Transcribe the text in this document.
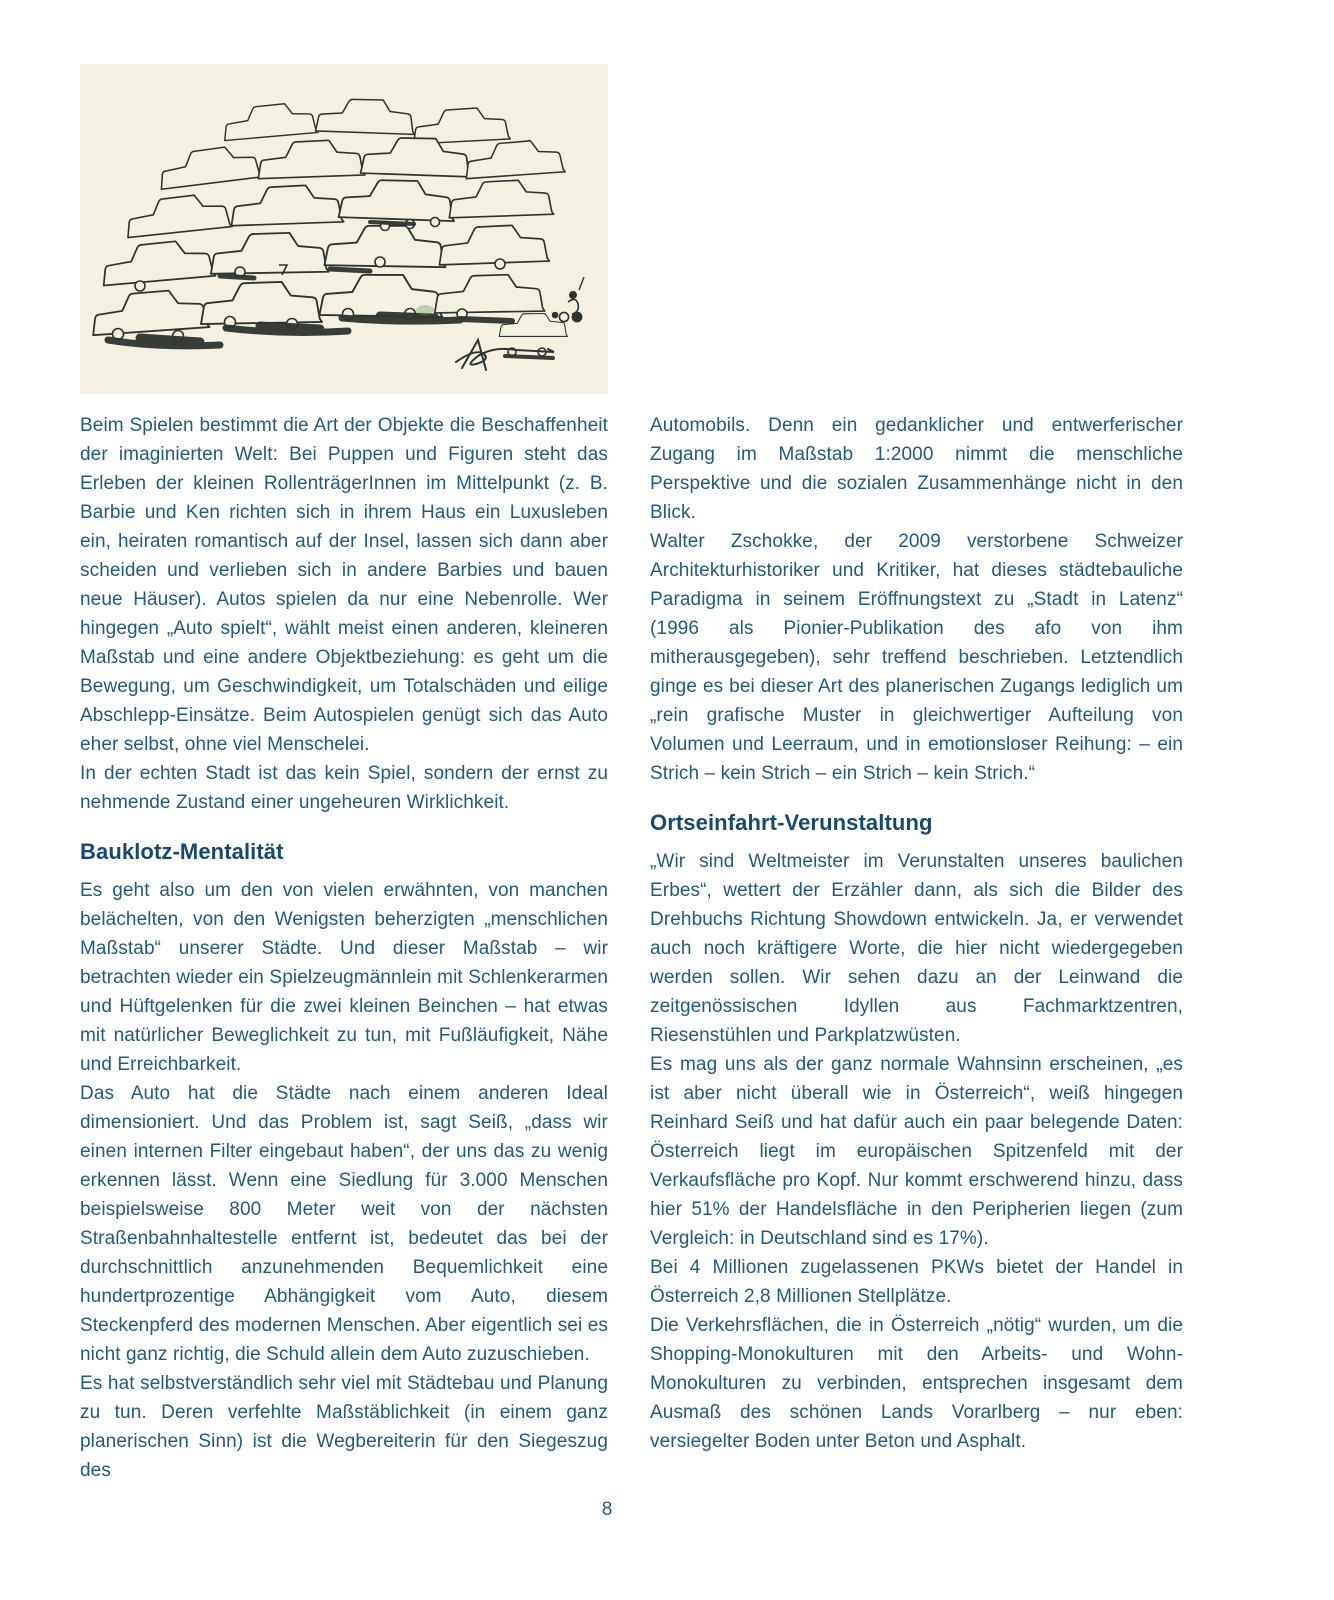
Beim Spielen bestimmt die Art der Objekte die Beschaffenheit der imaginierten Welt: Bei Puppen und Figuren steht das Erleben der kleinen RollenträgerInnen im Mittelpunkt (z. B. Barbie und Ken richten sich in ihrem Haus ein Luxusleben ein, heiraten romantisch auf der Insel, lassen sich dann aber scheiden und verlieben sich in andere Barbies und bauen neue Häuser). Autos spielen da nur eine Nebenrolle. Wer hingegen „Auto spielt“, wählt meist einen anderen, kleineren Maßstab und eine andere Objektbeziehung: es geht um die Bewegung, um Geschwindigkeit, um Totalschäden und eilige Abschlepp-Einsätze. Beim Autospielen genügt sich das Auto eher selbst, ohne viel Menschelei.

In der echten Stadt ist das kein Spiel, sondern der ernst zu nehmende Zustand einer ungeheuren Wirklichkeit.

Bauklotz-Mentalität

Es geht also um den von vielen erwähnten, von manchen belächelten, von den Wenigsten beherzigten „menschlichen Maßstab“ unserer Städte. Und dieser Maßstab – wir betrachten wieder ein Spielzeugmännlein mit Schlenkerarmen und Hüftgelenken für die zwei kleinen Beinchen – hat etwas mit natürlicher Beweglichkeit zu tun, mit Fußläufigkeit, Nähe und Erreichbarkeit.

Das Auto hat die Städte nach einem anderen Ideal dimensioniert. Und das Problem ist, sagt Seiß, „dass wir einen internen Filter eingebaut haben“, der uns das zu wenig erkennen lässt. Wenn eine Siedlung für 3.000 Menschen beispielsweise 800 Meter weit von der nächsten Straßenbahnhaltestelle entfernt ist, bedeutet das bei der durchschnittlich anzunehmenden Bequemlichkeit eine hundertprozentige Abhängigkeit vom Auto, diesem Steckenpferd des modernen Menschen. Aber eigentlich sei es nicht ganz richtig, die Schuld allein dem Auto zuzuschieben.

Es hat selbstverständlich sehr viel mit Städtebau und Planung zu tun. Deren verfehlte Maßstäblichkeit (in einem ganz planerischen Sinn) ist die Wegbereiterin für den Siegeszug des

Automobils. Denn ein gedanklicher und entwerferischer Zugang im Maßstab 1:2000 nimmt die menschliche Perspektive und die sozialen Zusammenhänge nicht in den Blick.

Walter Zschokke, der 2009 verstorbene Schweizer Architekturhistoriker und Kritiker, hat dieses städtebauliche Paradigma in seinem Eröffnungstext zu „Stadt in Latenz“ (1996 als Pionier-Publikation des afo von ihm mitherausgegeben), sehr treffend beschrieben. Letztendlich ginge es bei dieser Art des planerischen Zugangs lediglich um „rein grafische Muster in gleichwertiger Aufteilung von Volumen und Leerraum, und in emotionsloser Reihung: – ein Strich – kein Strich – ein Strich – kein Strich.“

Ortseinfahrt-Verunstaltung

„Wir sind Weltmeister im Verunstalten unseres baulichen Erbes“, wettert der Erzähler dann, als sich die Bilder des Drehbuchs Richtung Showdown entwickeln. Ja, er verwendet auch noch kräftigere Worte, die hier nicht wiedergegeben werden sollen. Wir sehen dazu an der Leinwand die zeitgenössischen Idyllen aus Fachmarktzentren, Riesenstühlen und Parkplatzwüsten.

Es mag uns als der ganz normale Wahnsinn erscheinen, „es ist aber nicht überall wie in Österreich“, weiß hingegen Reinhard Seiß und hat dafür auch ein paar belegende Daten: Österreich liegt im europäischen Spitzenfeld mit der Verkaufsfläche pro Kopf. Nur kommt erschwerend hinzu, dass hier 51% der Handelsfläche in den Peripherien liegen (zum Vergleich: in Deutschland sind es 17%).

Bei 4 Millionen zugelassenen PKWs bietet der Handel in Österreich 2,8 Millionen Stellplätze.

Die Verkehrsflächen, die in Österreich „nötig“ wurden, um die Shopping-Monokulturen mit den Arbeits- und Wohn-Monokulturen zu verbinden, entsprechen insgesamt dem Ausmaß des schönen Lands Vorarlberg – nur eben: versiegelter Boden unter Beton und Asphalt.

8
